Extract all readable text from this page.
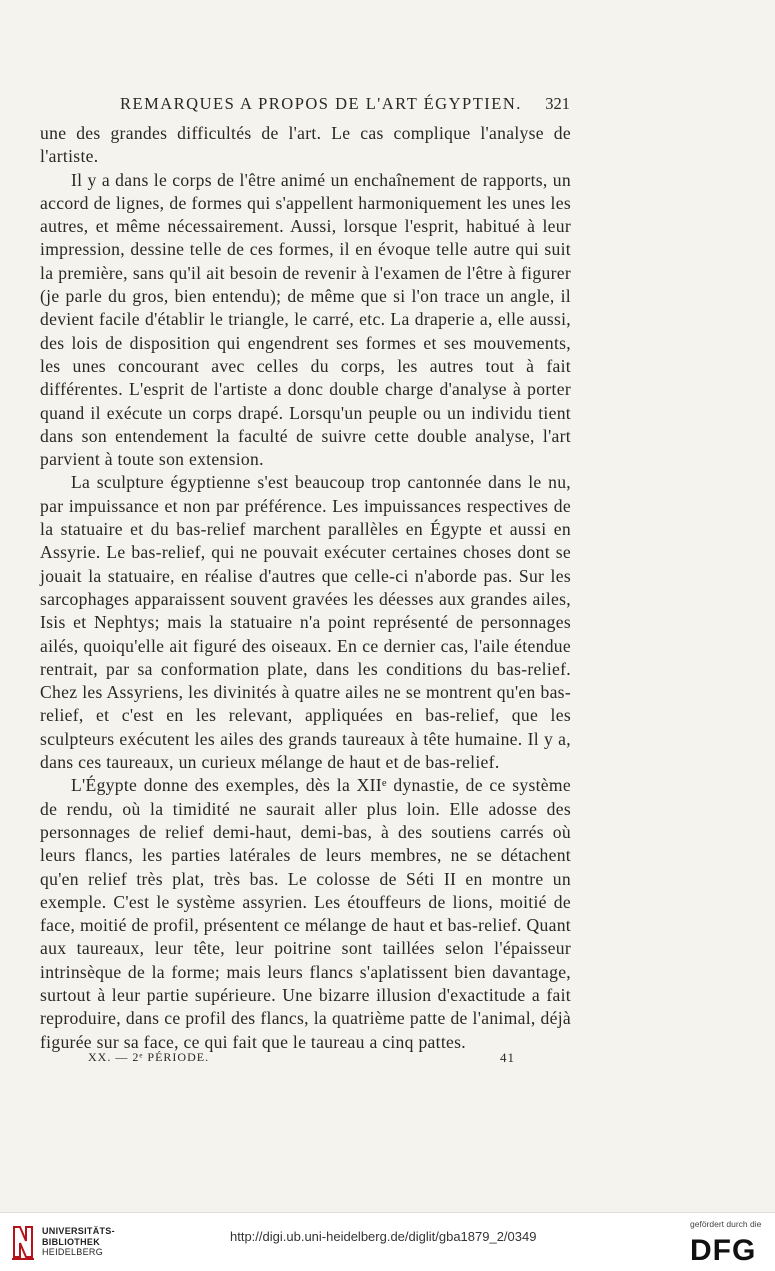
REMARQUES A PROPOS DE L'ART ÉGYPTIEN. 321

une des grandes difficultés de l'art. Le cas complique l'analyse de l'artiste.

Il y a dans le corps de l'être animé un enchaînement de rapports, un accord de lignes, de formes qui s'appellent harmoniquement les unes les autres, et même nécessairement. Aussi, lorsque l'esprit, habitué à leur impression, dessine telle de ces formes, il en évoque telle autre qui suit la première, sans qu'il ait besoin de revenir à l'examen de l'être à figurer (je parle du gros, bien entendu); de même que si l'on trace un angle, il devient facile d'établir le triangle, le carré, etc. La draperie a, elle aussi, des lois de disposition qui engendrent ses formes et ses mouvements, les unes concourant avec celles du corps, les autres tout à fait différentes. L'esprit de l'artiste a donc double charge d'analyse à porter quand il exécute un corps drapé. Lorsqu'un peuple ou un individu tient dans son entendement la faculté de suivre cette double analyse, l'art parvient à toute son extension.

La sculpture égyptienne s'est beaucoup trop cantonnée dans le nu, par impuissance et non par préférence. Les impuissances respectives de la statuaire et du bas-relief marchent parallèles en Égypte et aussi en Assyrie. Le bas-relief, qui ne pouvait exécuter certaines choses dont se jouait la statuaire, en réalise d'autres que celle-ci n'aborde pas. Sur les sarcophages apparaissent souvent gravées les déesses aux grandes ailes, Isis et Nephtys; mais la statuaire n'a point représenté de personnages ailés, quoiqu'elle ait figuré des oiseaux. En ce dernier cas, l'aile étendue rentrait, par sa conformation plate, dans les conditions du bas-relief. Chez les Assyriens, les divinités à quatre ailes ne se montrent qu'en bas-relief, et c'est en les relevant, appliquées en bas-relief, que les sculpteurs exécutent les ailes des grands taureaux à tête humaine. Il y a, dans ces taureaux, un curieux mélange de haut et de bas-relief.

L'Égypte donne des exemples, dès la XIIᵉ dynastie, de ce système de rendu, où la timidité ne saurait aller plus loin. Elle adosse des personnages de relief demi-haut, demi-bas, à des soutiens carrés où leurs flancs, les parties latérales de leurs membres, ne se détachent qu'en relief très plat, très bas. Le colosse de Séti II en montre un exemple. C'est le système assyrien. Les étouffeurs de lions, moitié de face, moitié de profil, présentent ce mélange de haut et bas-relief. Quant aux taureaux, leur tête, leur poitrine sont taillées selon l'épaisseur intrinsèque de la forme; mais leurs flancs s'aplatissent bien davantage, surtout à leur partie supérieure. Une bizarre illusion d'exactitude a fait reproduire, dans ce profil des flancs, la quatrième patte de l'animal, déjà figurée sur sa face, ce qui fait que le taureau a cinq pattes.

XX. — 2ᵉ PÉRIODE.	41
UNIVERSITÄTS-
BIBLIOTHEK
HEIDELBERG
http://digi.ub.uni-heidelberg.de/diglit/gba1879_2/0349
gefördert durch die
DFG
